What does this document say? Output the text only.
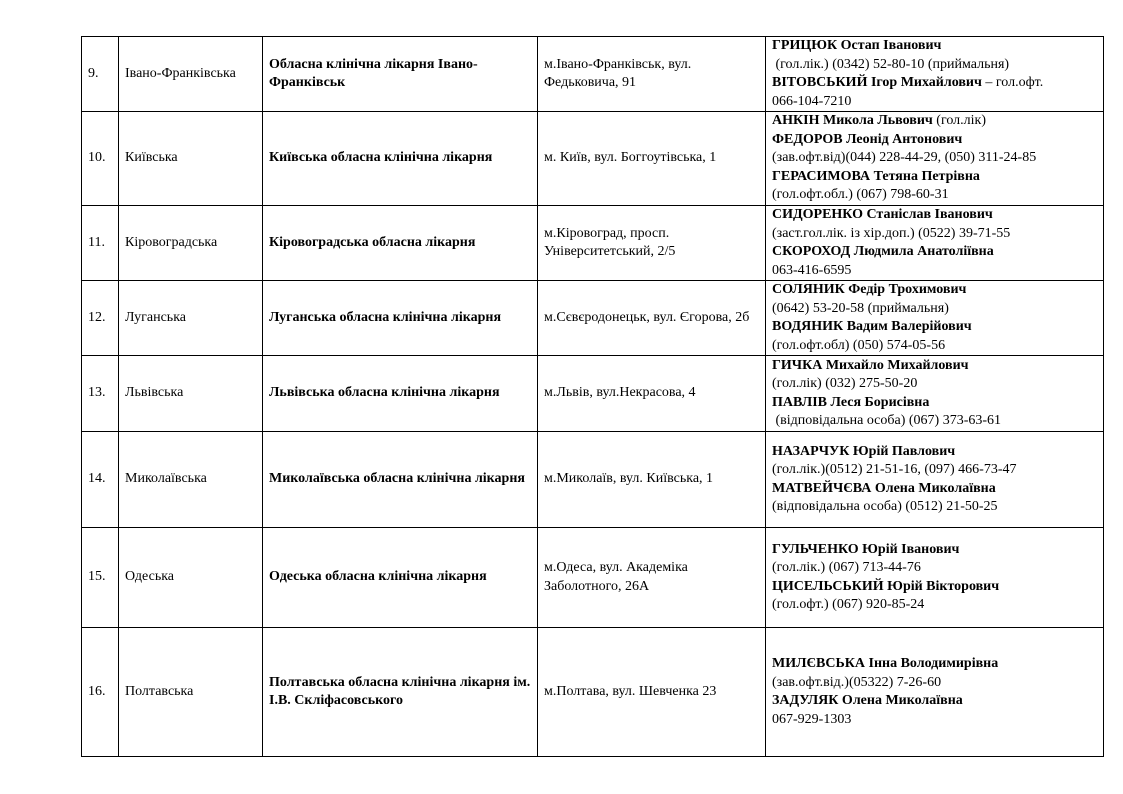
9.	Івано-Франківська	Обласна клінічна лікарня Івано-Франківськ	м.Івано-Франківськ, вул. Федьковича, 91	ГРИЦЮК Остап Іванович
(гол.лік.) (0342) 52-80-10 (приймальня)
ВІТОВСЬКИЙ Ігор Михайлович – гол.офт.
066-104-7210

10.	Київська	Київська обласна клінічна лікарня	м. Київ, вул. Боггоутівська, 1	АНКІН Микола Львович (гол.лік)
ФЕДОРОВ Леонід Антонович
(зав.офт.від)(044) 228-44-29, (050) 311-24-85
ГЕРАСИМОВА Тетяна Петрівна
(гол.офт.обл.) (067) 798-60-31

11.	Кіровоградська	Кіровоградська обласна лікарня	м.Кіровоград, просп. Університетський, 2/5	СИДОРЕНКО Станіслав Іванович
(заст.гол.лік. із хір.доп.) (0522) 39-71-55
СКОРОХОД Людмила Анатоліївна
063-416-6595

12.	Луганська	Луганська обласна клінічна лікарня	м.Сєвєродонецьк, вул. Єгорова, 2б	СОЛЯНИК Федір Трохимович
(0642) 53-20-58 (приймальня)
ВОДЯНИК Вадим Валерійович
(гол.офт.обл) (050) 574-05-56

13.	Львівська	Львівська обласна клінічна лікарня	м.Львів, вул.Некрасова, 4	ГИЧКА Михайло Михайлович
(гол.лік) (032) 275-50-20
ПАВЛІВ Леся Борисівна
(відповідальна особа) (067) 373-63-61

14.	Миколаївська	Миколаївська обласна клінічна лікарня	м.Миколаїв, вул. Київська, 1	НАЗАРЧУК Юрій Павлович
(гол.лік.)(0512) 21-51-16, (097) 466-73-47
МАТВЕЙЧЄВА Олена Миколаївна
(відповідальна особа) (0512) 21-50-25

15.	Одеська	Одеська обласна клінічна лікарня	м.Одеса, вул. Академіка Заболотного, 26А	ГУЛЬЧЕНКО Юрій Іванович
(гол.лік.) (067) 713-44-76
ЦИСЕЛЬСЬКИЙ Юрій Вікторович
(гол.офт.) (067) 920-85-24

16.	Полтавська	Полтавська обласна клінічна лікарня ім. І.В. Скліфасовського	м.Полтава, вул. Шевченка 23	МИЛЄВСЬКА Інна Володимирівна
(зав.офт.від.)(05322) 7-26-60
ЗАДУЛЯК Олена Миколаївна
067-929-1303
